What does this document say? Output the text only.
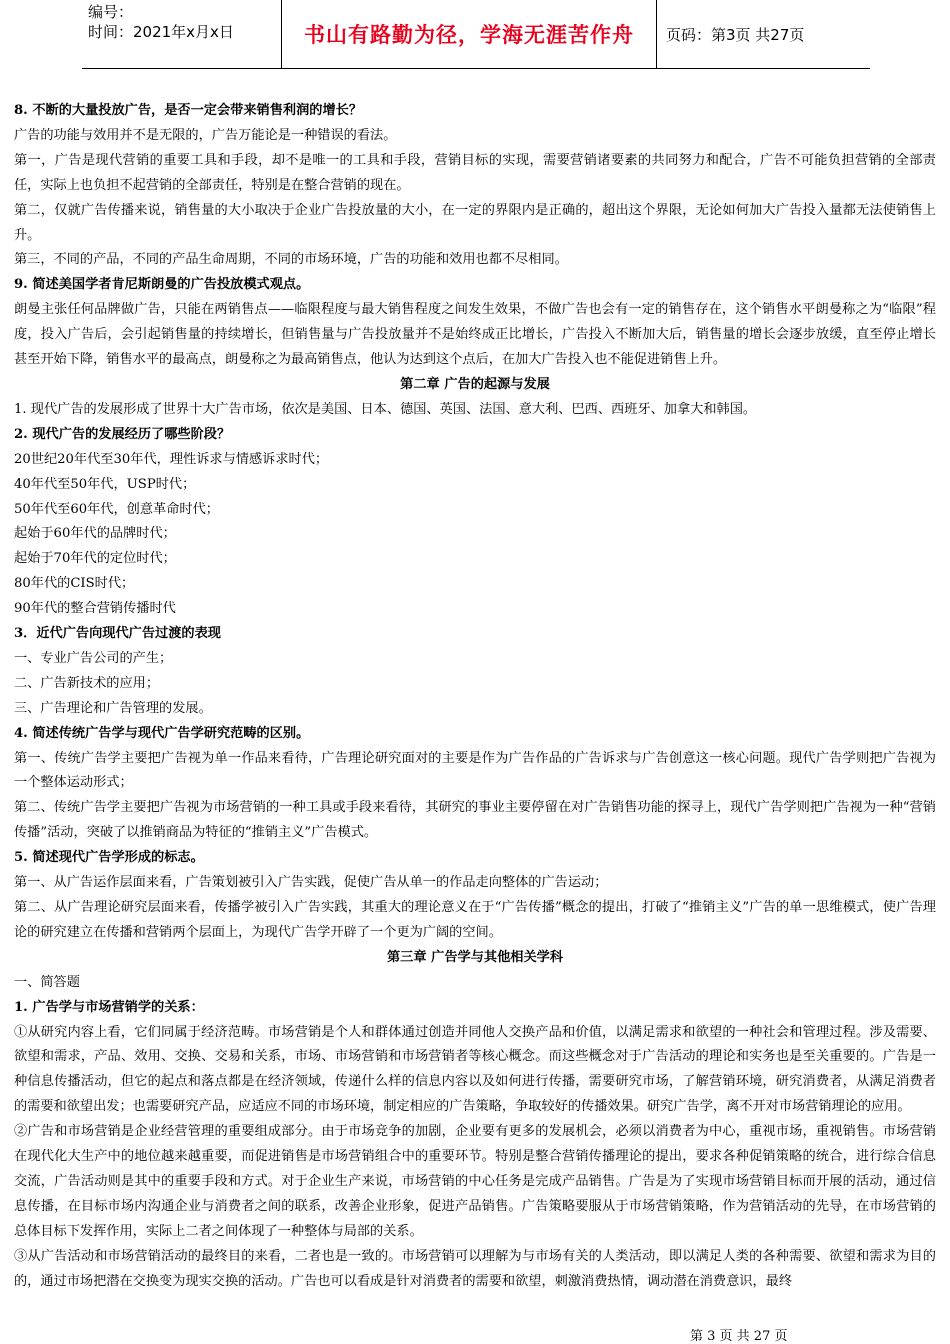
编号：
时间：2021年x月x日	书山有路勤为径，学海无涯苦作舟 页码：第3页 共27页

8. 不断的大量投放广告，是否一定会带来销售利润的增长？

广告的功能与效用并不是无限的，广告万能论是一种错误的看法。

第一，广告是现代营销的重要工具和手段，却不是唯一的工具和手段，营销目标的实现，需要营销诸要素的共同努力和配合，广告不可能负担营销的全部责任，实际上也负担不起营销的全部责任，特别是在整合营销的现在。

第二，仅就广告传播来说，销售量的大小取决于企业广告投放量的大小，在一定的界限内是正确的，超出这个界限，无论如何加大广告投入量都无法使销售上升。

第三，不同的产品，不同的产品生命周期，不同的市场环境，广告的功能和效用也都不尽相同。

9. 简述美国学者肯尼斯朗曼的广告投放模式观点。

朗曼主张任何品牌做广告，只能在两销售点——临限程度与最大销售程度之间发生效果，不做广告也会有一定的销售存在，这个销售水平朗曼称之为“临限”程度，投入广告后，会引起销售量的持续增长，但销售量与广告投放量并不是始终成正比增长，广告投入不断加大后，销售量的增长会逐步放缓，直至停止增长甚至开始下降，销售水平的最高点，朗曼称之为最高销售点，他认为达到这个点后，在加大广告投入也不能促进销售上升。

第二章 广告的起源与发展

1. 现代广告的发展形成了世界十大广告市场，依次是美国、日本、德国、英国、法国、意大利、巴西、西班牙、加拿大和韩国。

2. 现代广告的发展经历了哪些阶段？

20世纪20年代至30年代，理性诉求与情感诉求时代；

40年代至50年代，USP时代；

50年代至60年代，创意革命时代；

起始于60年代的品牌时代；

起始于70年代的定位时代；

80年代的CIS时代；

90年代的整合营销传播时代

3．近代广告向现代广告过渡的表现

一、专业广告公司的产生；

二、广告新技术的应用；

三、广告理论和广告管理的发展。

4. 简述传统广告学与现代广告学研究范畴的区别。

第一、传统广告学主要把广告视为单一作品来看待，广告理论研究面对的主要是作为广告作品的广告诉求与广告创意这一核心问题。现代广告学则把广告视为一个整体运动形式；

第二、传统广告学主要把广告视为市场营销的一种工具或手段来看待，其研究的事业主要停留在对广告销售功能的探寻上，现代广告学则把广告视为一种“营销传播”活动，突破了以推销商品为特征的“推销主义”广告模式。

5. 简述现代广告学形成的标志。

第一、从广告运作层面来看，广告策划被引入广告实践，促使广告从单一的作品走向整体的广告运动；

第二、从广告理论研究层面来看，传播学被引入广告实践，其重大的理论意义在于“广告传播”概念的提出，打破了“推销主义”广告的单一思维模式，使广告理论的研究建立在传播和营销两个层面上，为现代广告学开辟了一个更为广阔的空间。

第三章 广告学与其他相关学科

一、简答题

1. 广告学与市场营销学的关系：

①从研究内容上看，它们同属于经济范畴。市场营销是个人和群体通过创造并同他人交换产品和价值，以满足需求和欲望的一种社会和管理过程。涉及需要、欲望和需求，产品、效用、交换、交易和关系，市场、市场营销和市场营销者等核心概念。而这些概念对于广告活动的理论和实务也是至关重要的。广告是一种信息传播活动，但它的起点和落点都是在经济领域，传递什么样的信息内容以及如何进行传播，需要研究市场，了解营销环境，研究消费者，从满足消费者的需要和欲望出发；也需要研究产品，应适应不同的市场环境，制定相应的广告策略，争取较好的传播效果。研究广告学，离不开对市场营销理论的应用。

②广告和市场营销是企业经营管理的重要组成部分。由于市场竞争的加剧，企业要有更多的发展机会，必须以消费者为中心，重视市场，重视销售。市场营销在现代化大生产中的地位越来越重要，而促进销售是市场营销组合中的重要环节。特别是整合营销传播理论的提出，要求各种促销策略的统合，进行综合信息交流，广告活动则是其中的重要手段和方式。对于企业生产来说，市场营销的中心任务是完成产品销售。广告是为了实现市场营销目标而开展的活动，通过信息传播，在目标市场内沟通企业与消费者之间的联系，改善企业形象，促进产品销售。广告策略要服从于市场营销策略，作为营销活动的先导，在市场营销的总体目标下发挥作用，实际上二者之间体现了一种整体与局部的关系。

③从广告活动和市场营销活动的最终目的来看，二者也是一致的。市场营销可以理解为与市场有关的人类活动，即以满足人类的各种需要、欲望和需求为目的的，通过市场把潜在交换变为现实交换的活动。广告也可以看成是针对消费者的需要和欲望，刺激消费热情，调动潜在消费意识，最终

第 3 页 共 27 页
